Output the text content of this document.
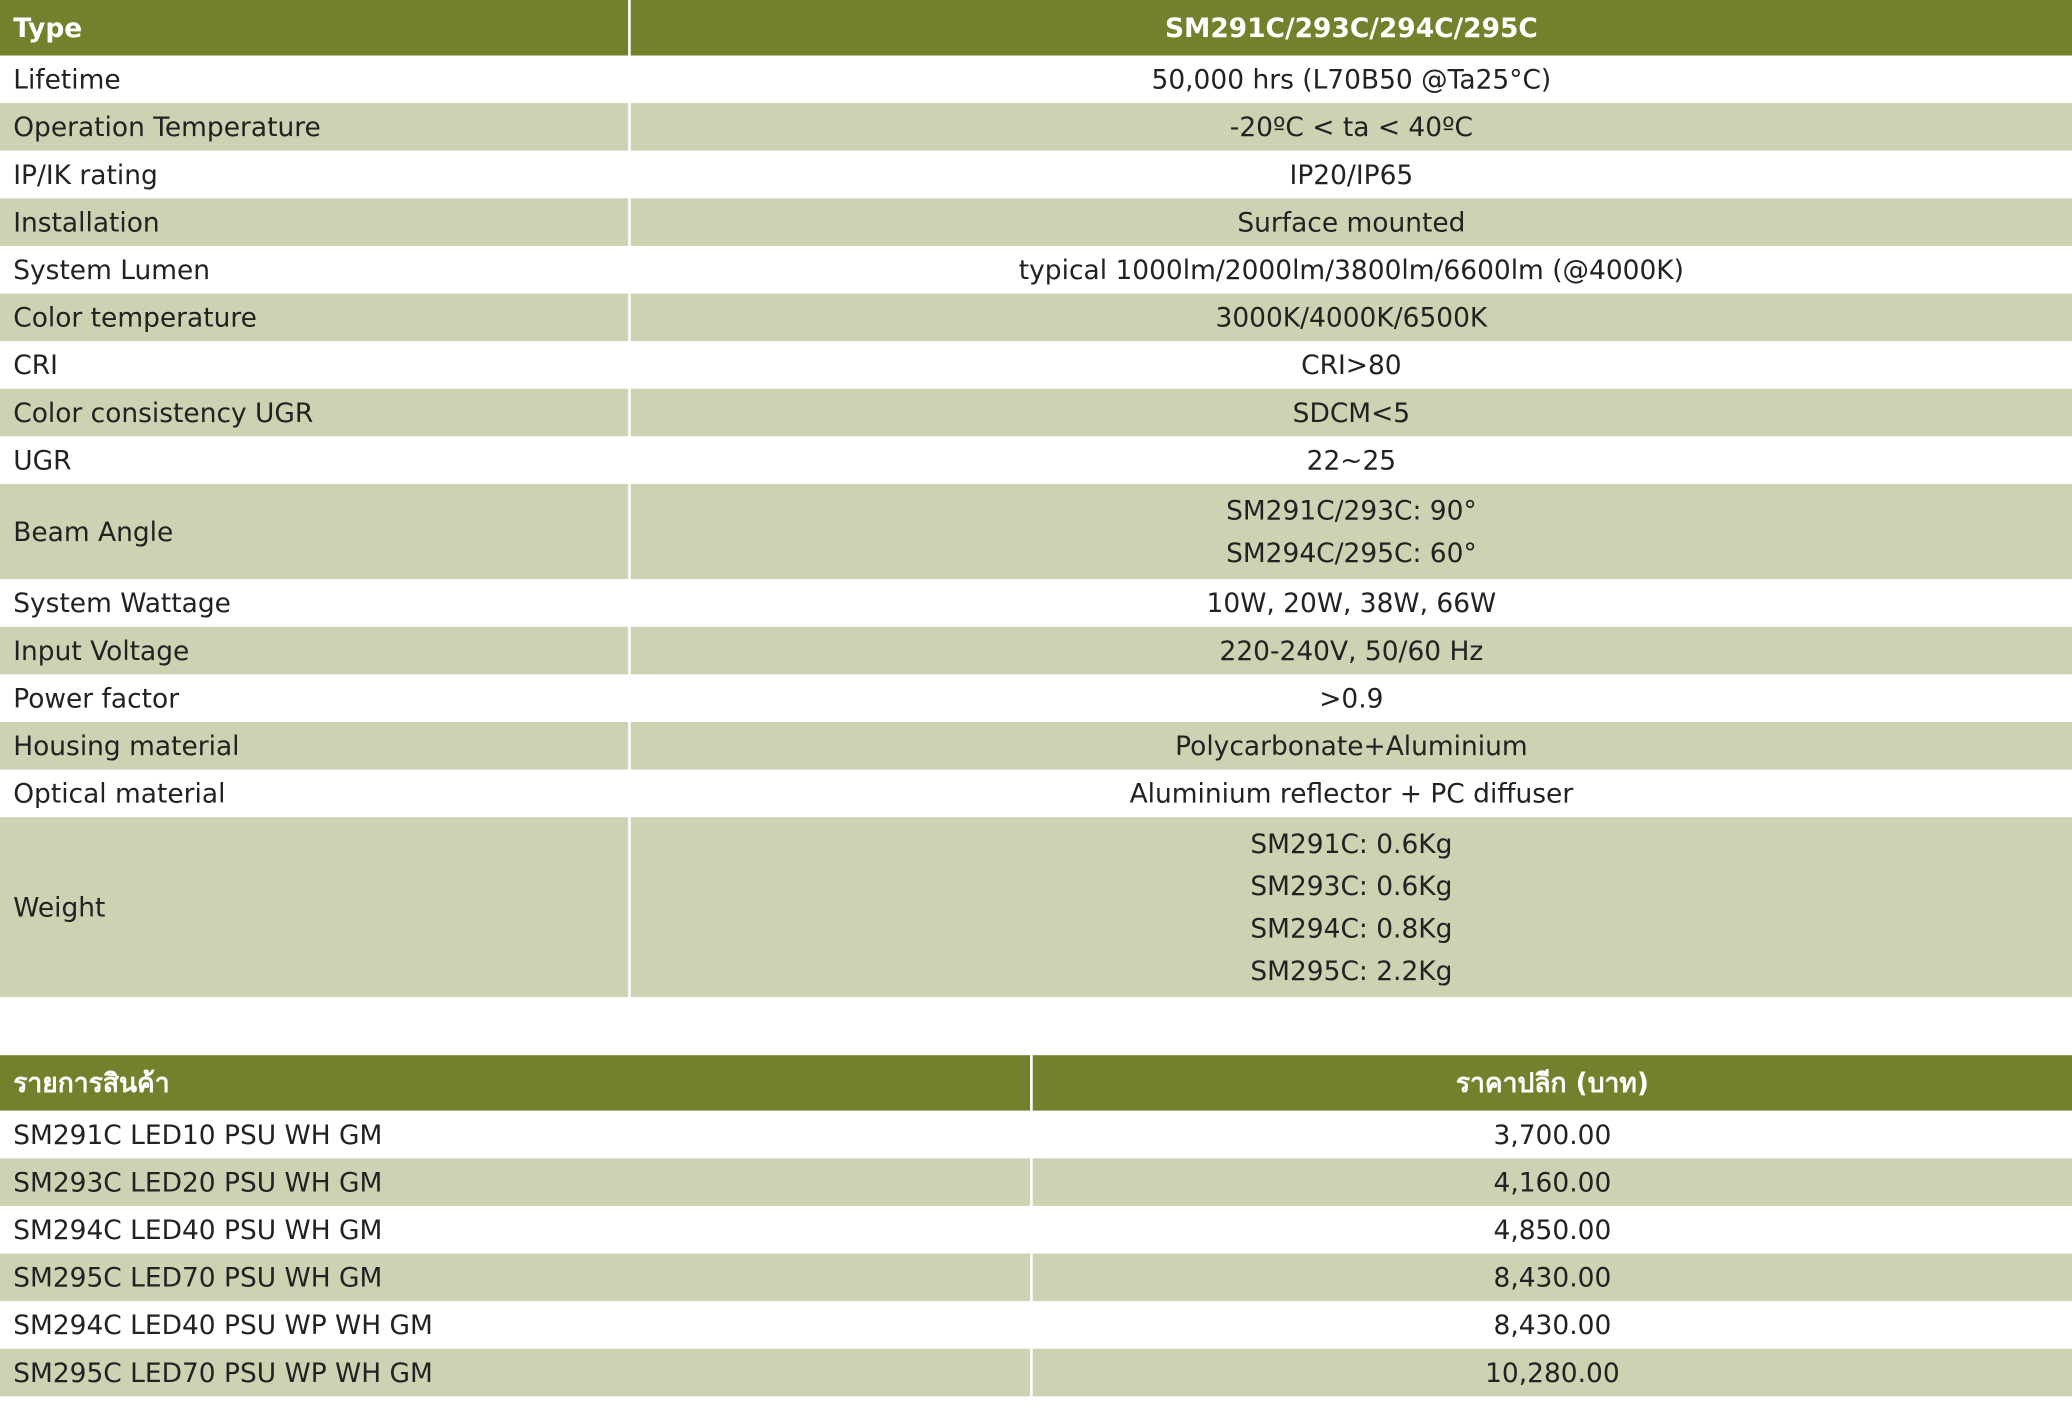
Type	SM291C/293C/294C/295C
Lifetime	50,000 hrs (L70B50 @Ta25°C)

Operation Temperature	-20ºC < ta < 40ºC

IP/IK rating	IP20/IP65

Installation	Surface mounted

System Lumen	typical 1000lm/2000lm/3800lm/6600lm (@4000K)

Color temperature	3000K/4000K/6500K

CRI	CRI>80

Color consistency UGR	SDCM<5

UGR	22~25

Beam Angle	SM291C/293C: 90°
SM294C/295C: 60°

System Wattage	10W, 20W, 38W, 66W

Input Voltage	220-240V, 50/60 Hz

Power factor	>0.9

Housing material	Polycarbonate+Aluminium

Optical material	Aluminium reflector + PC diffuser

Weight	SM291C: 0.6Kg
SM293C: 0.6Kg
SM294C: 0.8Kg
SM295C: 2.2Kg
รายการสินค้า	ราคาปลีก (บาท)
SM291C LED10 PSU WH GM	3,700.00
SM293C LED20 PSU WH GM	4,160.00
SM294C LED40 PSU WH GM	4,850.00
SM295C LED70 PSU WH GM	8,430.00
SM294C LED40 PSU WP WH GM	8,430.00
SM295C LED70 PSU WP WH GM	10,280.00
